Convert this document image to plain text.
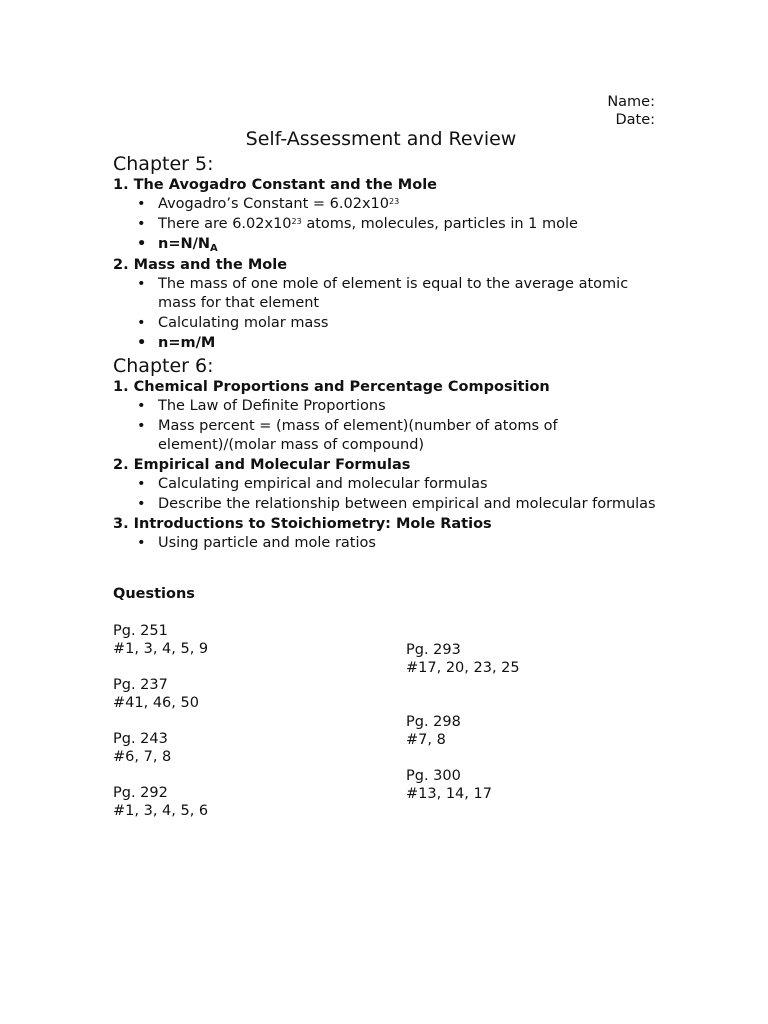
Name:
Date:
Self-Assessment and Review
Chapter 5:
1. The Avogadro Constant and the Mole
• Avogadro’s Constant = $6.02x10^{23}$
• There are $6.02x10^{23}$ atoms, molecules, particles in 1 mole
• $n=N/N_A$
2. Mass and the Mole
• The mass of one mole of element is equal to the average atomic mass for that element
• Calculating molar mass
• n=m/M
Chapter 6:
1. Chemical Proportions and Percentage Composition
• The Law of Definite Proportions
• Mass percent = (mass of element)(number of atoms of element)/(molar mass of compound)
2. Empirical and Molecular Formulas
• Calculating empirical and molecular formulas
• Describe the relationship between empirical and molecular formulas
3. Introductions to Stoichiometry: Mole Ratios
• Using particle and mole ratios
Questions
Pg. 251
#1, 3, 4, 5, 9
Pg. 237
#41, 46, 50
Pg. 243
#6, 7, 8
Pg. 292
#1, 3, 4, 5, 6
Pg. 293
#17, 20, 23, 25
Pg. 298
#7, 8
Pg. 300
#13, 14, 17
